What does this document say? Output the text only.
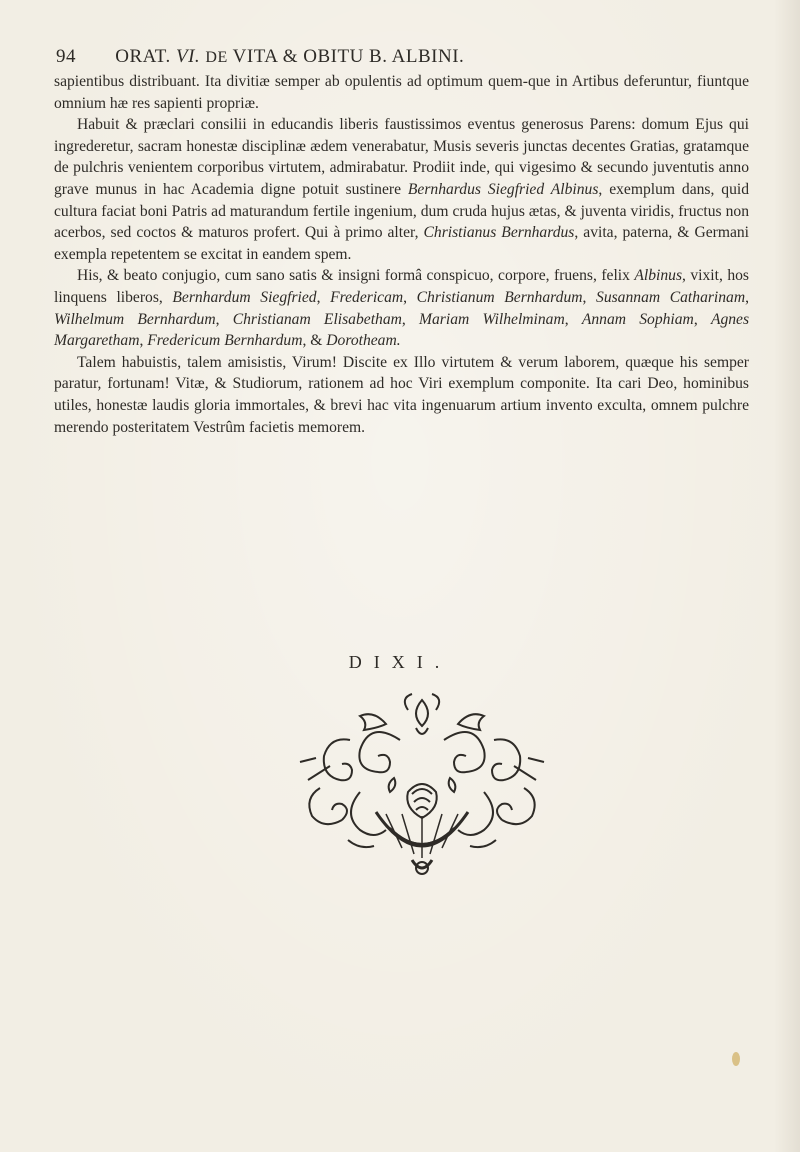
94 ORAT. VI. DE VITA & OBITU B. ALBINI.

sapientibus distribuant. Ita divitiæ semper ab opulentis ad optimum quem-que in Artibus deferuntur, fiuntque omnium hæ res sapienti propriæ.

Habuit & præclari consilii in educandis liberis faustissimos eventus generosus Parens: domum Ejus qui ingrederetur, sacram honestæ disciplinæ ædem venerabatur, Musis severis junctas decentes Gratias, gratamque de pulchris venientem corporibus virtutem, admirabatur. Prodiit inde, qui vigesimo & secundo juventutis anno grave munus in hac Academia digne potuit sustinere Bernhardus Siegfried Albinus, exemplum dans, quid cultura faciat boni Patris ad maturandum fertile ingenium, dum cruda hujus ætas, & juventa viridis, fructus non acerbos, sed coctos & maturos profert. Qui à primo alter, Christianus Bernhardus, avita, paterna, & Germani exempla repetentem se excitat in eandem spem.

His, & beato conjugio, cum sano satis & insigni formâ conspicuo, corpore, fruens, felix Albinus, vixit, hos linquens liberos, Bernhardum Siegfried, Fredericam, Christianum Bernhardum, Susannam Catharinam, Wilhelmum Bernhardum, Christianam Elisabetham, Mariam Wilhelminam, Annam Sophiam, Agnes Margaretham, Fredericum Bernhardum, & Dorotheam.

Talem habuistis, talem amisistis, Virum! Discite ex Illo virtutem & verum laborem, quæque his semper paratur, fortunam! Vitæ, & Studiorum, rationem ad hoc Viri exemplum componite. Ita cari Deo, hominibus utiles, honestæ laudis gloria immortales, & brevi hac vita ingenuarum artium invento exculta, omnem pulchre merendo posteritatem Vestrûm facietis memorem.

DIXI.
